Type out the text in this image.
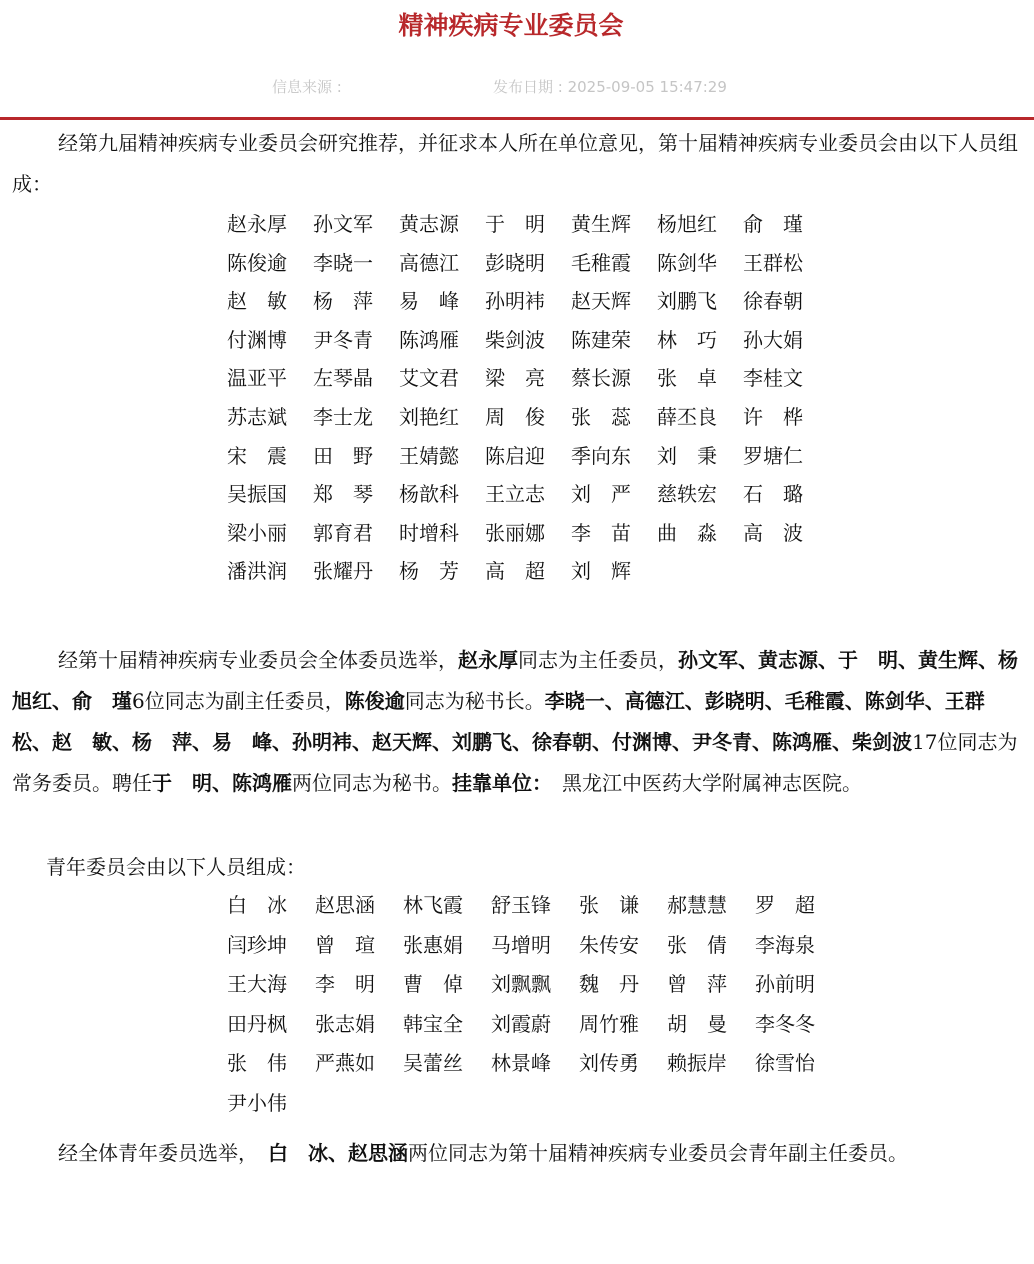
精神疾病专业委员会
信息来源 :	发布日期 : 2025-09-05 15:47:29

经第九届精神疾病专业委员会研究推荐，并征求本人所在单位意见，第十届精神疾病专业委员会由以下人员组成：

赵永厚	孙文军	黄志源	于　明	黄生辉	杨旭红	俞　瑾
陈俊逾	李晓一	高德江	彭晓明	毛稚霞	陈剑华	王群松
赵　敏	杨　萍	易　峰	孙明袆	赵天辉	刘鹏飞	徐春朝
付渊博	尹冬青	陈鸿雁	柴剑波	陈建荣	林　巧	孙大娟
温亚平	左琴晶	艾文君	梁　亮	蔡长源	张　卓	李桂文
苏志斌	李士龙	刘艳红	周　俊	张　蕊	薛丕良	许　桦
宋　震	田　野	王婧懿	陈启迎	季向东	刘　秉	罗塘仁
吴振国	郑　琴	杨歆科	王立志	刘　严	慈轶宏	石　璐
梁小丽	郭育君	时增科	张丽娜	李　苗	曲　淼	高　波
潘洪润	张耀丹	杨　芳	高　超	刘　辉

经第十届精神疾病专业委员会全体委员选举，赵永厚同志为主任委员，孙文军、黄志源、于　明、黄生辉、杨旭红、俞　瑾6位同志为副主任委员，陈俊逾同志为秘书长。李晓一、高德江、彭晓明、毛稚霞、陈剑华、王群松、赵　敏、杨　萍、易　峰、孙明袆、赵天辉、刘鹏飞、徐春朝、付渊博、尹冬青、陈鸿雁、柴剑波17位同志为常务委员。聘任于　明、陈鸿雁两位同志为秘书。挂靠单位：　黑龙江中医药大学附属神志医院。

青年委员会由以下人员组成：
白　冰	赵思涵	林飞霞	舒玉锋	张　谦	郝慧慧	罗　超
闫珍坤	曾　瑄	张惠娟	马增明	朱传安	张　倩	李海泉
王大海	李　明	曹　倬	刘飘飘	魏　丹	曾　萍	孙前明
田丹枫	张志娟	韩宝全	刘霞蔚	周竹雅	胡　曼	李冬冬
张　伟	严燕如	吴蕾丝	林景峰	刘传勇	赖振岸	徐雪怡
尹小伟

经全体青年委员选举，　白　冰、赵思涵两位同志为第十届精神疾病专业委员会青年副主任委员。
